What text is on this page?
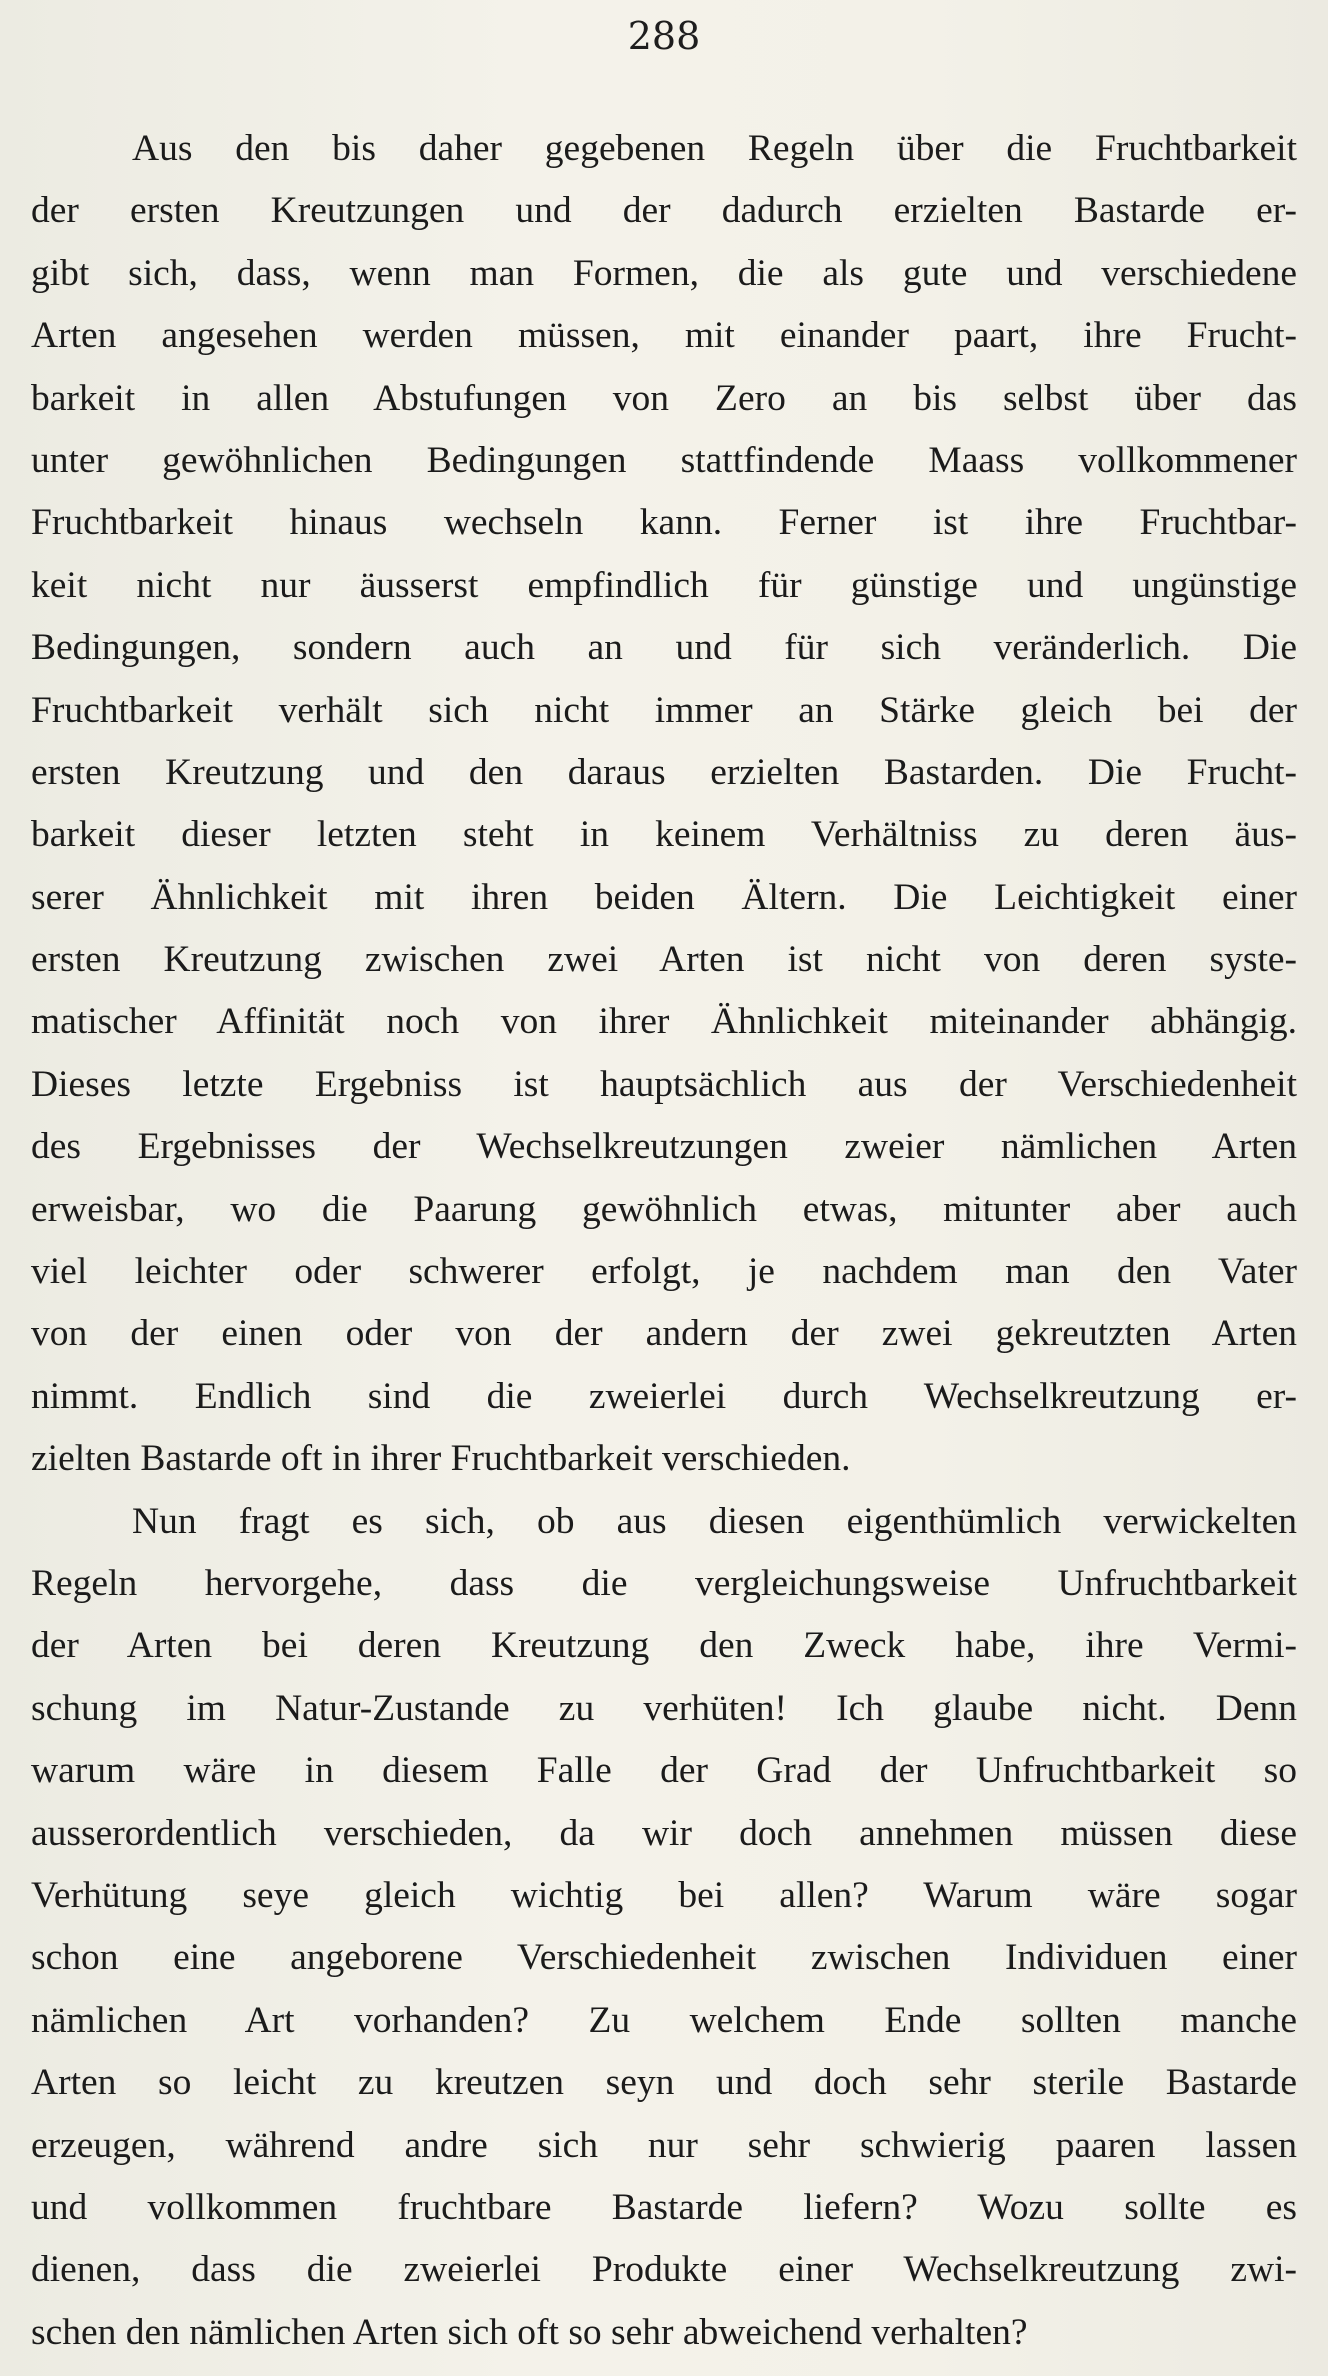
288

Aus den bis daher gegebenen Regeln über die Fruchtbarkeit
der ersten Kreutzungen und der dadurch erzielten Bastarde er-
gibt sich, dass, wenn man Formen, die als gute und verschiedene
Arten angesehen werden müssen, mit einander paart, ihre Frucht-
barkeit in allen Abstufungen von Zero an bis selbst über das
unter gewöhnlichen Bedingungen stattfindende Maass vollkommener
Fruchtbarkeit hinaus wechseln kann. Ferner ist ihre Fruchtbar-
keit nicht nur äusserst empfindlich für günstige und ungünstige
Bedingungen, sondern auch an und für sich veränderlich. Die
Fruchtbarkeit verhält sich nicht immer an Stärke gleich bei der
ersten Kreutzung und den daraus erzielten Bastarden. Die Frucht-
barkeit dieser letzten steht in keinem Verhältniss zu deren äus-
serer Ähnlichkeit mit ihren beiden Ältern. Die Leichtigkeit einer
ersten Kreutzung zwischen zwei Arten ist nicht von deren syste-
matischer Affinität noch von ihrer Ähnlichkeit miteinander abhängig.
Dieses letzte Ergebniss ist hauptsächlich aus der Verschiedenheit
des Ergebnisses der Wechselkreutzungen zweier nämlichen Arten
erweisbar, wo die Paarung gewöhnlich etwas, mitunter aber auch
viel leichter oder schwerer erfolgt, je nachdem man den Vater
von der einen oder von der andern der zwei gekreutzten Arten
nimmt. Endlich sind die zweierlei durch Wechselkreutzung er-
zielten Bastarde oft in ihrer Fruchtbarkeit verschieden.
Nun fragt es sich, ob aus diesen eigenthümlich verwickelten
Regeln hervorgehe, dass die vergleichungsweise Unfruchtbarkeit
der Arten bei deren Kreutzung den Zweck habe, ihre Vermi-
schung im Natur-Zustande zu verhüten! Ich glaube nicht. Denn
warum wäre in diesem Falle der Grad der Unfruchtbarkeit so
ausserordentlich verschieden, da wir doch annehmen müssen diese
Verhütung seye gleich wichtig bei allen? Warum wäre sogar
schon eine angeborene Verschiedenheit zwischen Individuen einer
nämlichen Art vorhanden? Zu welchem Ende sollten manche
Arten so leicht zu kreutzen seyn und doch sehr sterile Bastarde
erzeugen, während andre sich nur sehr schwierig paaren lassen
und vollkommen fruchtbare Bastarde liefern? Wozu sollte es
dienen, dass die zweierlei Produkte einer Wechselkreutzung zwi-
schen den nämlichen Arten sich oft so sehr abweichend verhalten?
